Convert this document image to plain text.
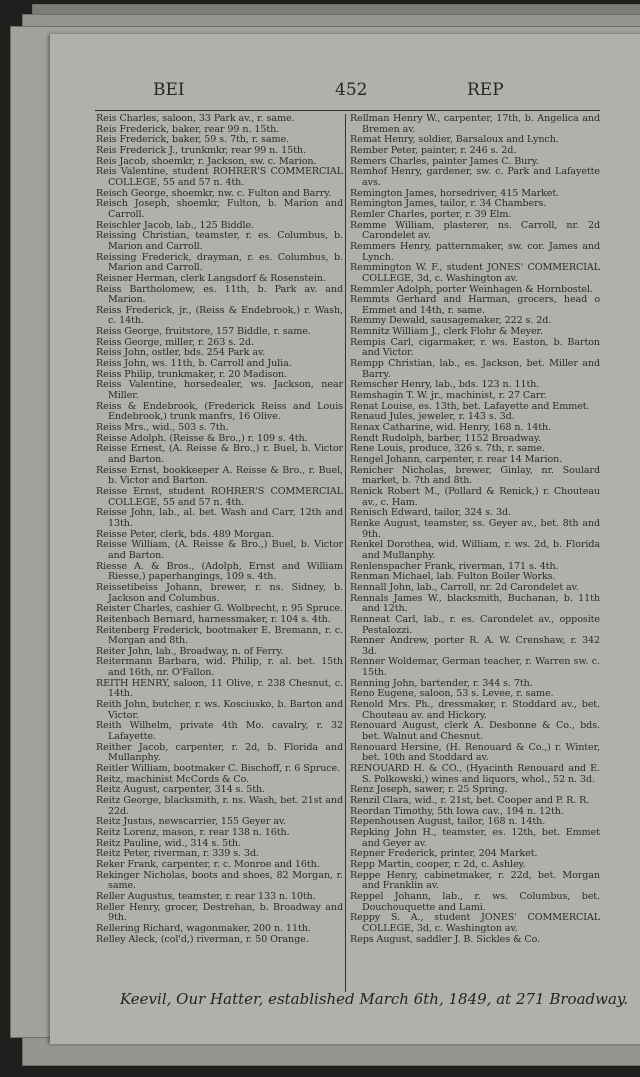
BEI	452	REP

Reis Charles, saloon, 33 Park av., r. same.

Reis Frederick, baker, rear 99 n. 15th.

Reis Frederick, baker, 59 s. 7th, r. same.

Reis Frederick J., trunkmkr, rear 99 n. 15th.

Reis Jacob, shoemkr, r. Jackson, sw. c. Marion.

Reis Valentine, student ROHRER'S COMMERCIAL COLLEGE, 55 and 57 n. 4th.

Reisch George, shoemkr, nw. c. Fulton and Barry.

Reisch Joseph, shoemkr, Fulton, b. Marion and Carroll.

Reischler Jacob, lab., 125 Biddle.

Reissing Christian, teamster, r. es. Columbus, b. Marion and Carroll.

Reissing Frederick, drayman, r. es. Columbus, b. Marion and Carroll.

Reisner Herman, clerk Langsdorf & Rosenstein.

Reiss Bartholomew, es. 11th, b. Park av. and Marion.

Reiss Frederick, jr., (Reiss & Endebrook,) r. Wash, c. 14th.

Reiss George, fruitstore, 157 Biddle, r. same.

Reiss George, miller, r. 263 s. 2d.

Reiss John, ostler, bds. 254 Park av.

Reiss John, ws. 11th, b. Carroll and Julia.

Reiss Philip, trunkmaker, r. 20 Madison.

Reiss Valentine, horsedealer, ws. Jackson, near Miller.

Reiss & Endebrook, (Frederick Reiss and Louis Endebrook,) trunk manfrs, 16 Olive.

Reiss Mrs., wid., 503 s. 7th.

Reisse Adolph. (Reisse & Bro.,) r. 109 s. 4th.

Reisse Ernest, (A. Reisse & Bro.,) r. Buel, b. Victor and Barton.

Reisse Ernst, bookkeeper A. Reisse & Bro., r. Buel, b. Victor and Barton.

Reisse Ernst, student ROHRER'S COMMERCIAL COLLEGE, 55 and 57 n. 4th.

Reisse John, lab., al. bet. Wash and Carr, 12th and 13th.

Reisse Peter, clerk, bds. 489 Morgan.

Reisse William, (A. Reisse & Bro.,) Buel, b. Victor and Barton.

Riesse A. & Bros., (Adolph, Ernst and William Riesse,) paperhangings, 109 s. 4th.

Reissetibeiss Johann, brewer, r. ns. Sidney, b. Jackson and Columbus.

Reister Charles, cashier G. Wolbrecht, r. 95 Spruce.

Reitenbach Bernard, harnessmaker, r. 104 s. 4th.

Reitenberg Frederick, bootmaker E. Bremann, r. c. Morgan and 8th.

Reiter John, lab., Broadway, n. of Ferry.

Reitermann Barbara, wid. Philip, r. al. bet. 15th and 16th, nr. O'Fallon.

REITH HENRY, saloon, 11 Olive, r. 238 Chesnut, c. 14th.

Reith John, butcher, r. ws. Kosciusko, b. Barton and Victor.

Reith Wilhelm, private 4th Mo. cavalry, r. 32 Lafayette.

Reither Jacob, carpenter, r. 2d, b. Florida and Mullanphy.

Reitler William, bootmaker C. Bischoff, r. 6 Spruce.

Reitz, machinist McCords & Co.

Reitz August, carpenter, 314 s. 5th.

Reitz George, blacksmith, r. ns. Wash, bet. 21st and 22d.

Reitz Justus, newscarrier, 155 Geyer av.

Reitz Lorenz, mason, r. rear 138 n. 16th.

Reitz Pauline, wid., 314 s. 5th.

Reitz Peter, riverman, r. 339 s. 3d.

Reker Frank, carpenter, r. c. Monroe and 16th.

Rekinger Nicholas, boots and shoes, 82 Morgan, r. same.

Reller Augustus, teamster, r. rear 133 n. 10th.

Reller Henry, grocer, Destrehan, b. Broadway and 9th.

Rellering Richard, wagonmaker, 200 n. 11th.

Relley Aleck, (col'd,) riverman, r. 50 Orange.

Rellman Henry W., carpenter, 17th, b. Angelica and Bremen av.

Remat Henry, soldier, Barsaloux and Lynch.

Rember Peter, painter, r. 246 s. 2d.

Remers Charles, painter James C. Bury.

Remhof Henry, gardener, sw. c. Park and Lafayette avs.

Remington James, horsedriver, 415 Market.

Remington James, tailor, r. 34 Chambers.

Remler Charles, porter, r. 39 Elm.

Remme William, plasterer, ns. Carroll, nr. 2d Carondelet av.

Remmers Henry, patternmaker, sw. cor. James and Lynch.

Remmington W. F., student JONES' COMMERCIAL COLLEGE, 3d, c. Washington av.

Remmler Adolph, porter Weinhagen & Hornbostel.

Remmts Gerhard and Harman, grocers, head o Emmet and 14th, r. same.

Remmy Dewald, sausagemaker, 222 s. 2d.

Remnitz William J., clerk Flohr & Meyer.

Rempis Carl, cigarmaker, r. ws. Easton, b. Barton and Victor.

Rempp Christian, lab., es. Jackson, bet. Miller and Barry.

Remscher Henry, lab., bds. 123 n. 11th.

Remshagin T. W. jr., machinist, r. 27 Carr.

Renat Louise, es. 13th, bet. Lafayette and Emmet.

Renaud Jules, jeweler, r. 143 s. 3d.

Renax Catharine, wid. Henry, 168 n. 14th.

Rendt Rudolph, barber, 1152 Broadway.

Rene Louis, produce, 326 s. 7th, r. same.

Rengel Johann, carpenter, r. rear 14 Marion.

Renicher Nicholas, brewer, Ginlay, nr. Soulard market, b. 7th and 8th.

Renick Robert M., (Pollard & Renick,) r. Chouteau av., c. Ham.

Renisch Edward, tailor, 324 s. 3d.

Renke August, teamster, ss. Geyer av., bet. 8th and 9th.

Renkel Dorothea, wid. William, r. ws. 2d, b. Florida and Mullanphy.

Renlenspacher Frank, riverman, 171 s. 4th.

Renman Michael, lab. Fulton Boiler Works.

Rennall John, lab., Carroll, nr. 2d Carondelet av.

Rennals James W., blacksmith, Buchanan, b. 11th and 12th.

Renneat Carl, lab., r. es. Carondelet av., opposite Pestalozzi.

Renner Andrew, porter R. A. W. Crenshaw, r. 342 3d.

Renner Woldemar, German teacher, r. Warren sw. c. 15th.

Renning John, bartender, r. 344 s. 7th.

Reno Eugene, saloon, 53 s. Levee, r. same.

Renold Mrs. Ph., dressmaker, r. Stoddard av., bet. Chouteau av. and Hickory.

Renouard August, clerk A. Desbonne & Co., bds. bet. Walnut and Chesnut.

Renouard Hersine, (H. Renouard & Co.,) r. Winter, bet. 10th and Stoddard av.

RENOUARD H. & CO., (Hyacinth Renouard and E. S. Polkowski,) wines and liquors, whol., 52 n. 3d.

Renz Joseph, sawer, r. 25 Spring.

Renzil Clara, wid., r. 21st, bet. Cooper and P. R. R.

Reordan Timothy, 5th Iowa cav., 194 n. 12th.

Repenhousen August, tailor, 168 n. 14th.

Repking John H., teamster, es. 12th, bet. Emmet and Geyer av.

Repner Frederick, printer, 204 Market.

Repp Martin, cooper, r. 2d, c. Ashley.

Reppe Henry, cabinetmaker, r. 22d, bet. Morgan and Franklin av.

Reppel Johann, lab., r. ws. Columbus, bet. Douchouquette and Lami.

Reppy S. A., student JONES' COMMERCIAL COLLEGE, 3d, c. Washington av.

Reps August, saddler J. B. Sickles & Co.

Keevil, Our Hatter, established March 6th, 1849, at 271 Broadway.
